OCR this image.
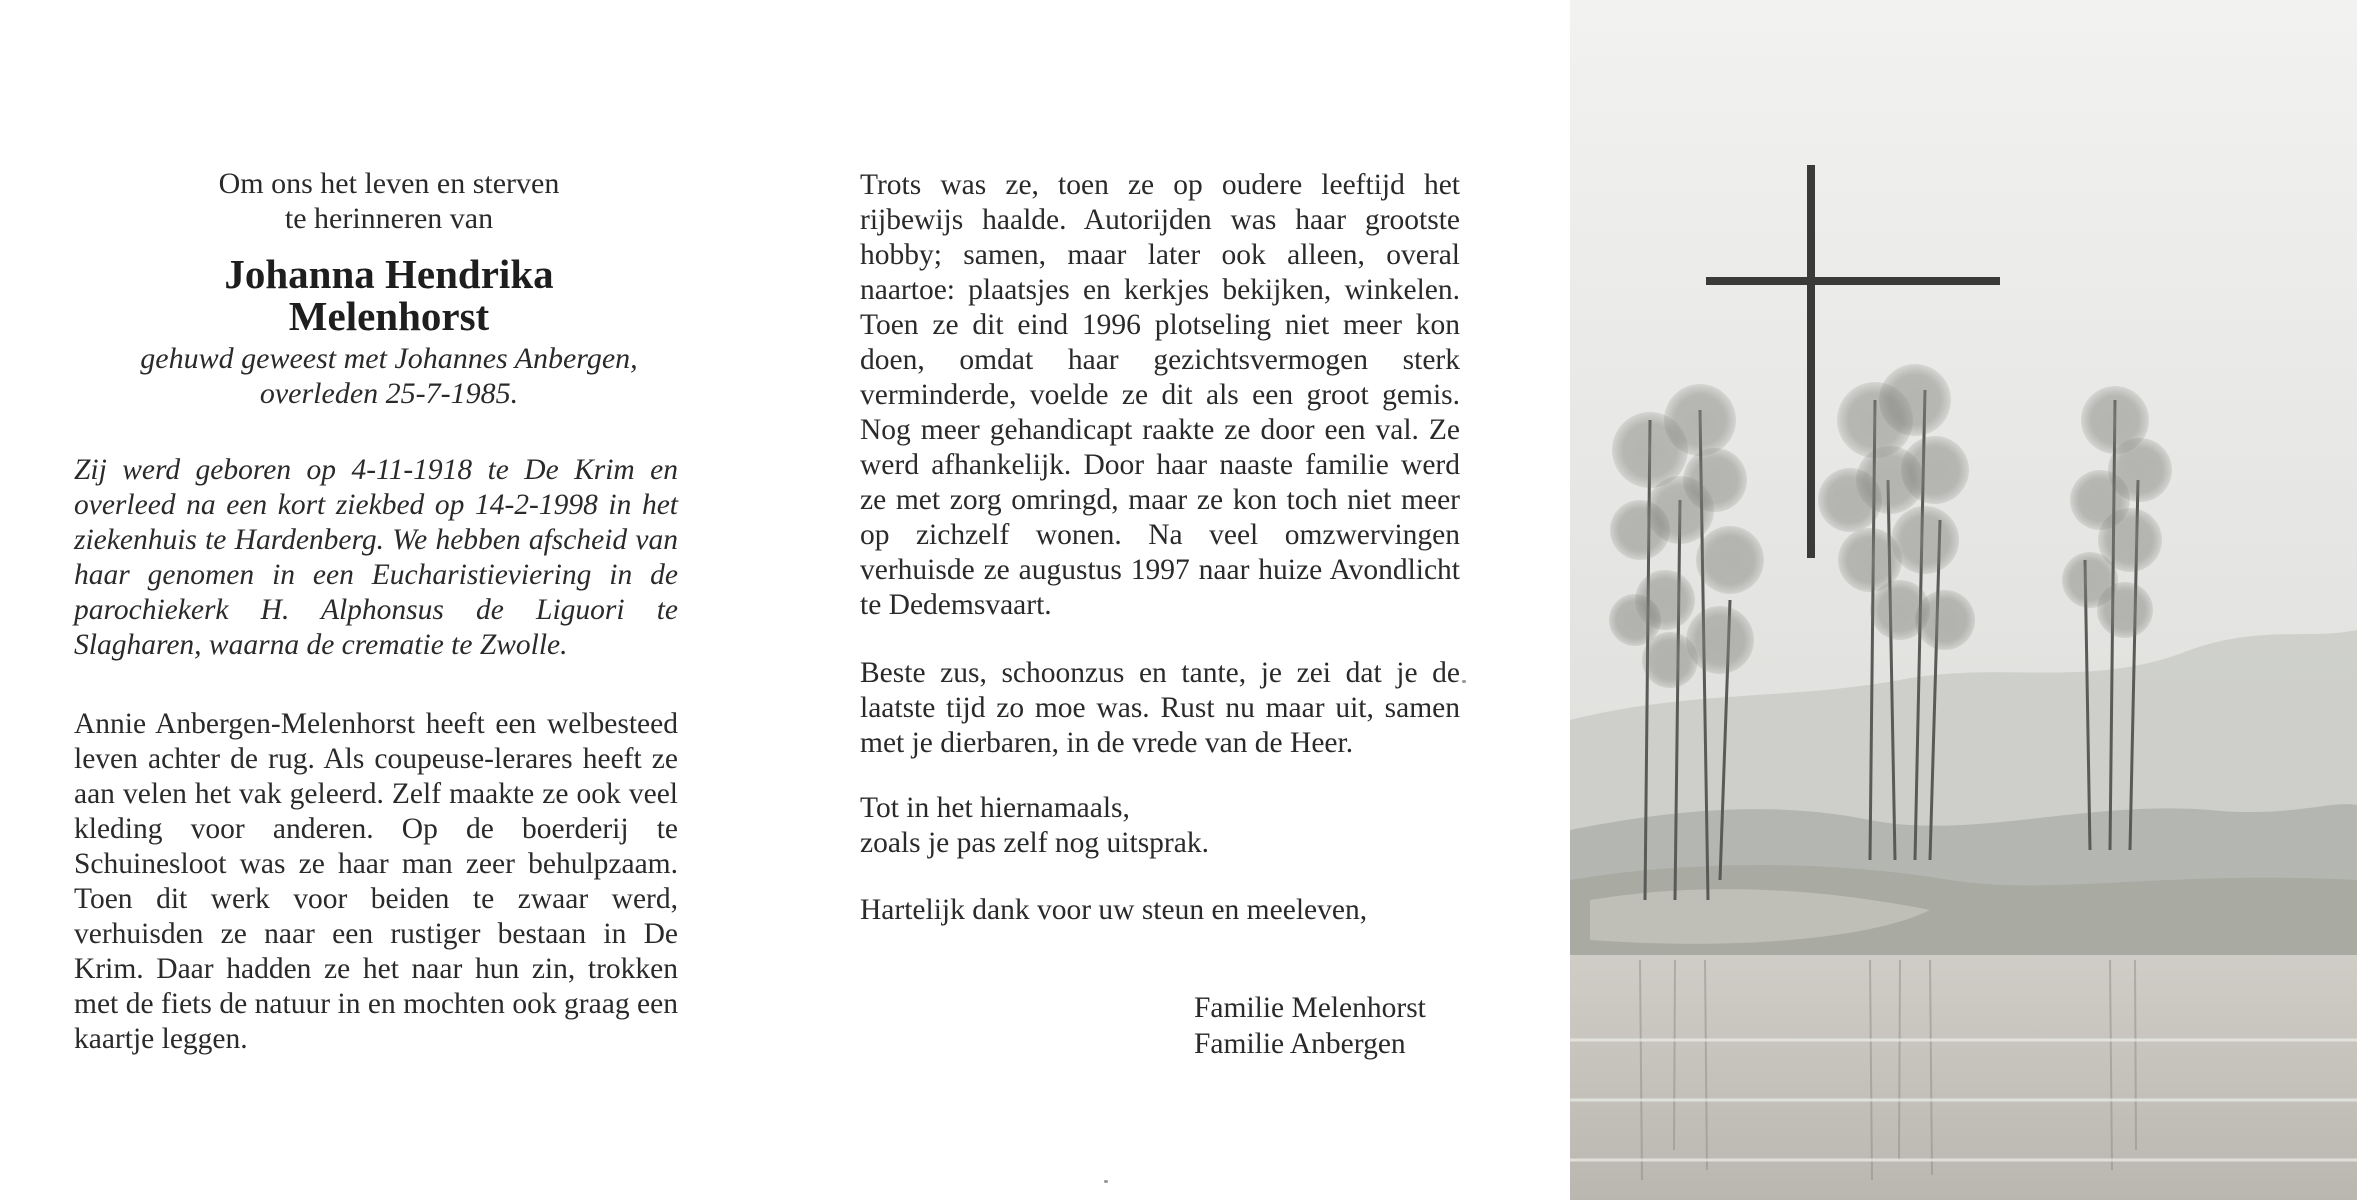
Om ons het leven en sterven
te herinneren van
Johanna Hendrika
Melenhorst
gehuwd geweest met Johannes Anbergen,
overleden 25-7-1985.

Zij werd geboren op 4-11-1918 te De Krim en overleed na een kort ziekbed op 14-2-1998 in het ziekenhuis te Hardenberg. We hebben afscheid van haar genomen in een Eucharistieviering in de parochiekerk H. Alphonsus de Liguori te Slagharen, waarna de crematie te Zwolle.

Annie Anbergen-Melenhorst heeft een welbesteed leven achter de rug. Als coupeuse-lerares heeft ze aan velen het vak geleerd. Zelf maakte ze ook veel kleding voor anderen. Op de boerderij te Schuinesloot was ze haar man zeer behulpzaam. Toen dit werk voor beiden te zwaar werd, verhuisden ze naar een rustiger bestaan in De Krim. Daar hadden ze het naar hun zin, trokken met de fiets de natuur in en mochten ook graag een kaartje leggen.

Trots was ze, toen ze op oudere leeftijd het rijbewijs haalde. Autorijden was haar grootste hobby; samen, maar later ook alleen, overal naartoe: plaatsjes en kerkjes bekijken, winkelen. Toen ze dit eind 1996 plotseling niet meer kon doen, omdat haar gezichtsvermogen sterk verminderde, voelde ze dit als een groot gemis. Nog meer gehandicapt raakte ze door een val. Ze werd afhankelijk. Door haar naaste familie werd ze met zorg omringd, maar ze kon toch niet meer op zichzelf wonen. Na veel omzwervingen verhuisde ze augustus 1997 naar huize Avondlicht te Dedemsvaart.

Beste zus, schoonzus en tante, je zei dat je de laatste tijd zo moe was. Rust nu maar uit, samen met je dierbaren, in de vrede van de Heer.

Tot in het hiernamaals,
zoals je pas zelf nog uitsprak.
Hartelijk dank voor uw steun en meeleven,
Familie Melenhorst
Familie Anbergen
